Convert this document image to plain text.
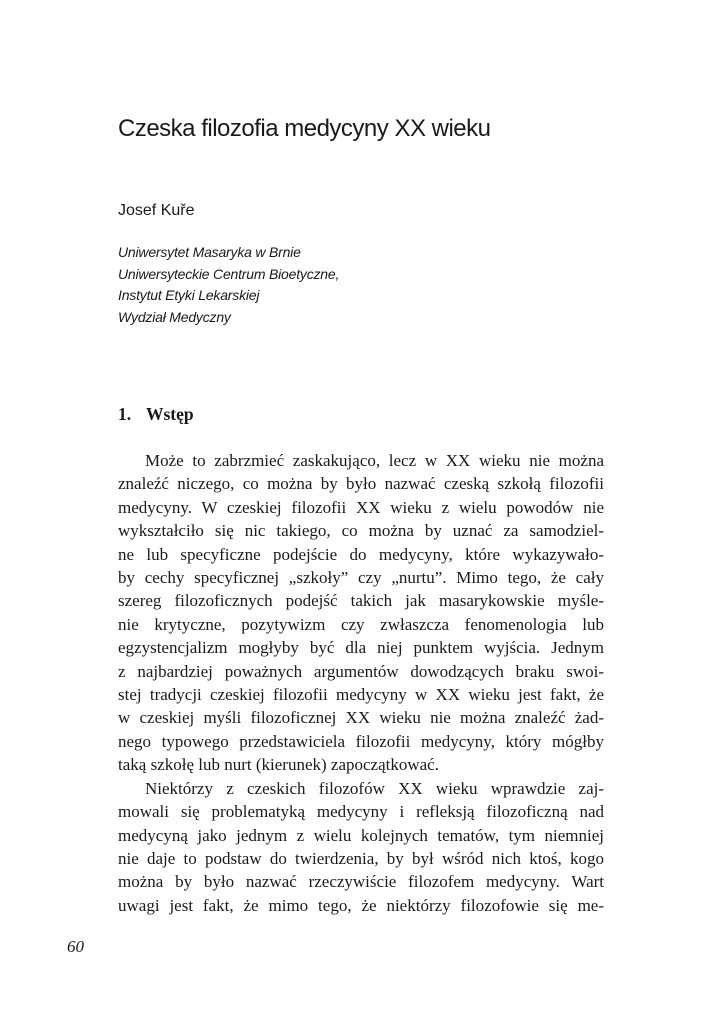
Czeska filozofia medycyny XX wieku

Josef Kuře

Uniwersytet Masaryka w Brnie
Uniwersyteckie Centrum Bioetyczne,
Instytut Etyki Lekarskiej
Wydział Medyczny
1. Wstęp

Może to zabrzmieć zaskakująco, lecz w XX wieku nie można
znaleźć niczego, co można by było nazwać czeską szkołą filozofii
medycyny. W czeskiej filozofii XX wieku z wielu powodów nie
wykształciło się nic takiego, co można by uznać za samodziel-
ne lub specyficzne podejście do medycyny, które wykazywało-
by cechy specyficznej „szkoły” czy „nurtu”. Mimo tego, że cały
szereg filozoficznych podejść takich jak masarykowskie myśle-
nie krytyczne, pozytywizm czy zwłaszcza fenomenologia lub
egzystencjalizm mogłyby być dla niej punktem wyjścia. Jednym
z najbardziej poważnych argumentów dowodzących braku swoi-
stej tradycji czeskiej filozofii medycyny w XX wieku jest fakt, że
w czeskiej myśli filozoficznej XX wieku nie można znaleźć żad-
nego typowego przedstawiciela filozofii medycyny, który mógłby
taką szkołę lub nurt (kierunek) zapoczątkować.

Niektórzy z czeskich filozofów XX wieku wprawdzie zaj-
mowali się problematyką medycyny i refleksją filozoficzną nad
medycyną jako jednym z wielu kolejnych tematów, tym niemniej
nie daje to podstaw do twierdzenia, by był wśród nich ktoś, kogo
można by było nazwać rzeczywiście filozofem medycyny. Wart
uwagi jest fakt, że mimo tego, że niektórzy filozofowie się me-

60
